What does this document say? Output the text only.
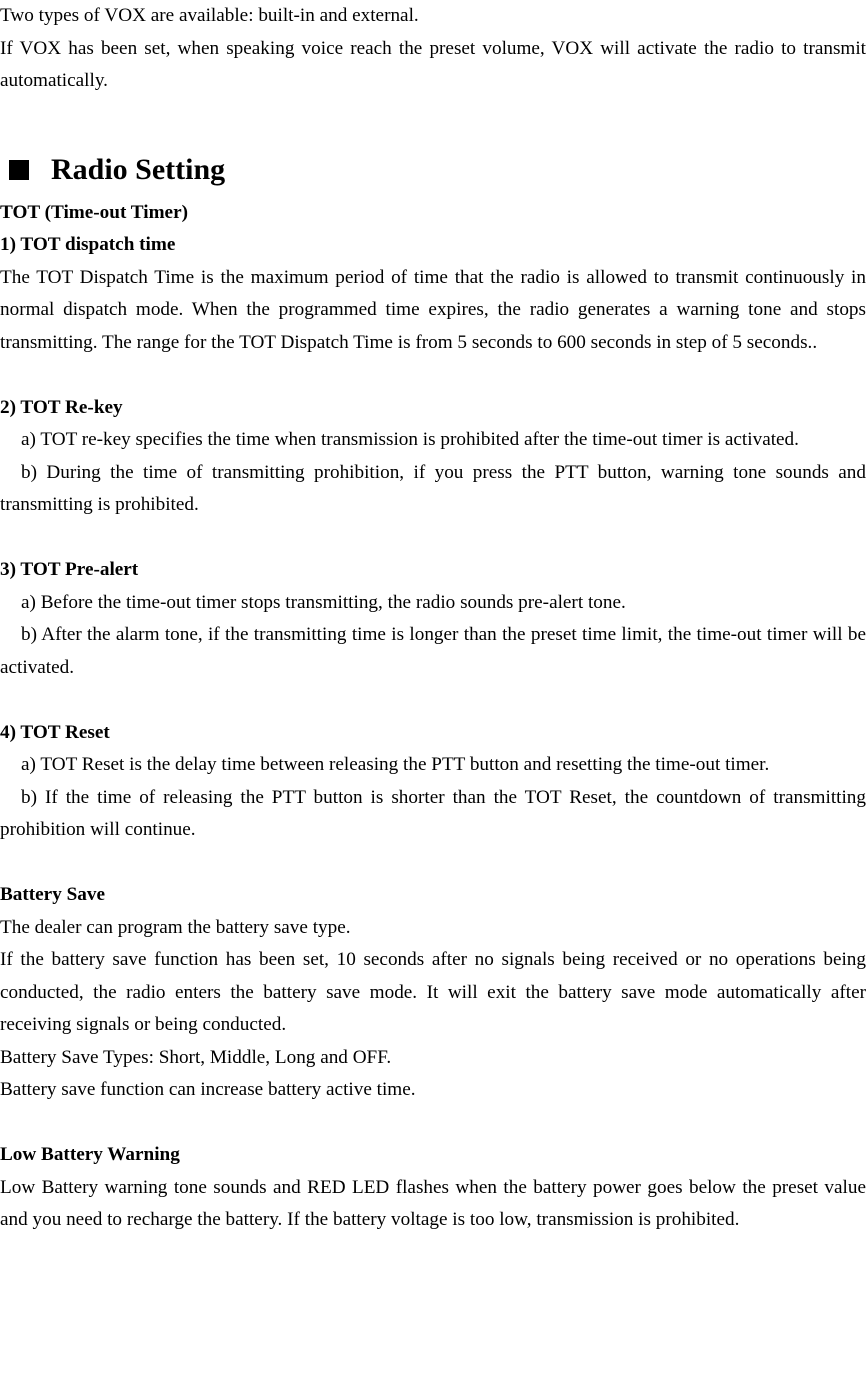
Two types of VOX are available: built-in and external.

If VOX has been set, when speaking voice reach the preset volume, VOX will activate the radio to transmit automatically.

Radio Setting

TOT (Time-out Timer)

1) TOT dispatch time

The TOT Dispatch Time is the maximum period of time that the radio is allowed to transmit continuously in normal dispatch mode. When the programmed time expires, the radio generates a warning tone and stops transmitting. The range for the TOT Dispatch Time is from 5 seconds to 600 seconds in step of 5 seconds..

2) TOT Re-key

a) TOT re-key specifies the time when transmission is prohibited after the time-out timer is activated.

b) During the time of transmitting prohibition, if you press the PTT button, warning tone sounds and transmitting is prohibited.

3) TOT Pre-alert

a) Before the time-out timer stops transmitting, the radio sounds pre-alert tone.

b) After the alarm tone, if the transmitting time is longer than the preset time limit, the time-out timer will be activated.

4) TOT Reset

a) TOT Reset is the delay time between releasing the PTT button and resetting the time-out timer.

b) If the time of releasing the PTT button is shorter than the TOT Reset, the countdown of transmitting prohibition will continue.

Battery Save

The dealer can program the battery save type.

If the battery save function has been set, 10 seconds after no signals being received or no operations being conducted, the radio enters the battery save mode. It will exit the battery save mode automatically after receiving signals or being conducted.

Battery Save Types: Short, Middle, Long and OFF.

Battery save function can increase battery active time.

Low Battery Warning

Low Battery warning tone sounds and RED LED flashes when the battery power goes below the preset value and you need to recharge the battery. If the battery voltage is too low, transmission is prohibited.
